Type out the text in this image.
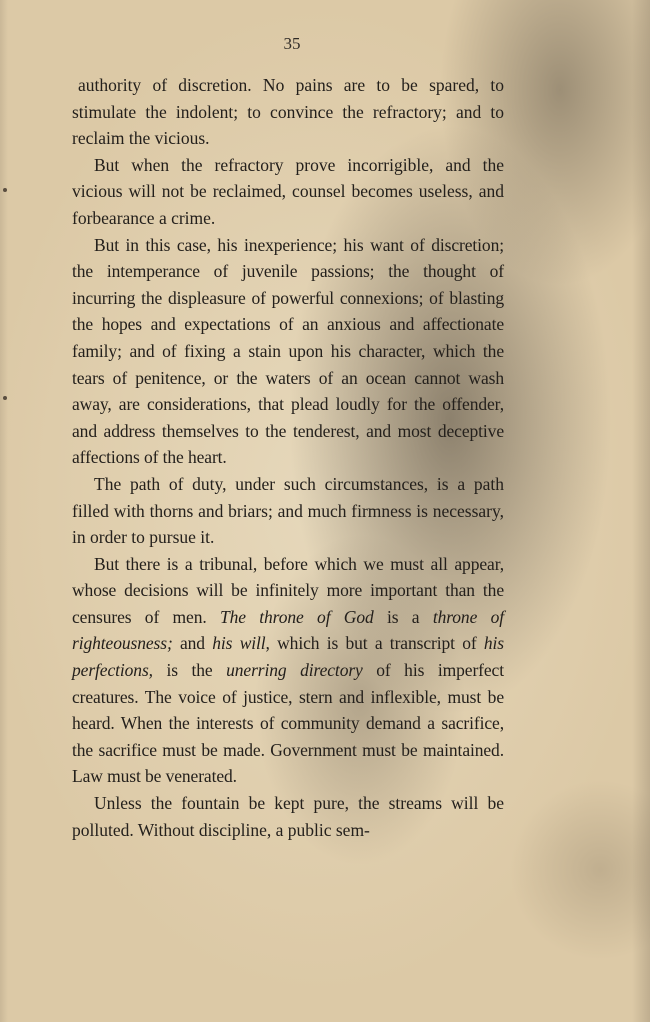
35

authority of discretion. No pains are to be spared, to stimulate the indolent; to convince the refractory; and to reclaim the vicious.

But when the refractory prove incorrigible, and the vicious will not be reclaimed, counsel becomes useless, and forbearance a crime.

But in this case, his inexperience; his want of discretion; the intemperance of juvenile passions; the thought of incurring the displeasure of powerful connexions; of blasting the hopes and expectations of an anxious and affectionate family; and of fixing a stain upon his character, which the tears of penitence, or the waters of an ocean cannot wash away, are considerations, that plead loudly for the offender, and address themselves to the tenderest, and most deceptive affections of the heart.

The path of duty, under such circumstances, is a path filled with thorns and briars; and much firmness is necessary, in order to pursue it.

But there is a tribunal, before which we must all appear, whose decisions will be infinitely more important than the censures of men. The throne of God is a throne of righteousness; and his will, which is but a transcript of his perfections, is the unerring directory of his imperfect creatures. The voice of justice, stern and inflexible, must be heard. When the interests of community demand a sacrifice, the sacrifice must be made. Government must be maintained. Law must be venerated.

Unless the fountain be kept pure, the streams will be polluted. Without discipline, a public sem-
